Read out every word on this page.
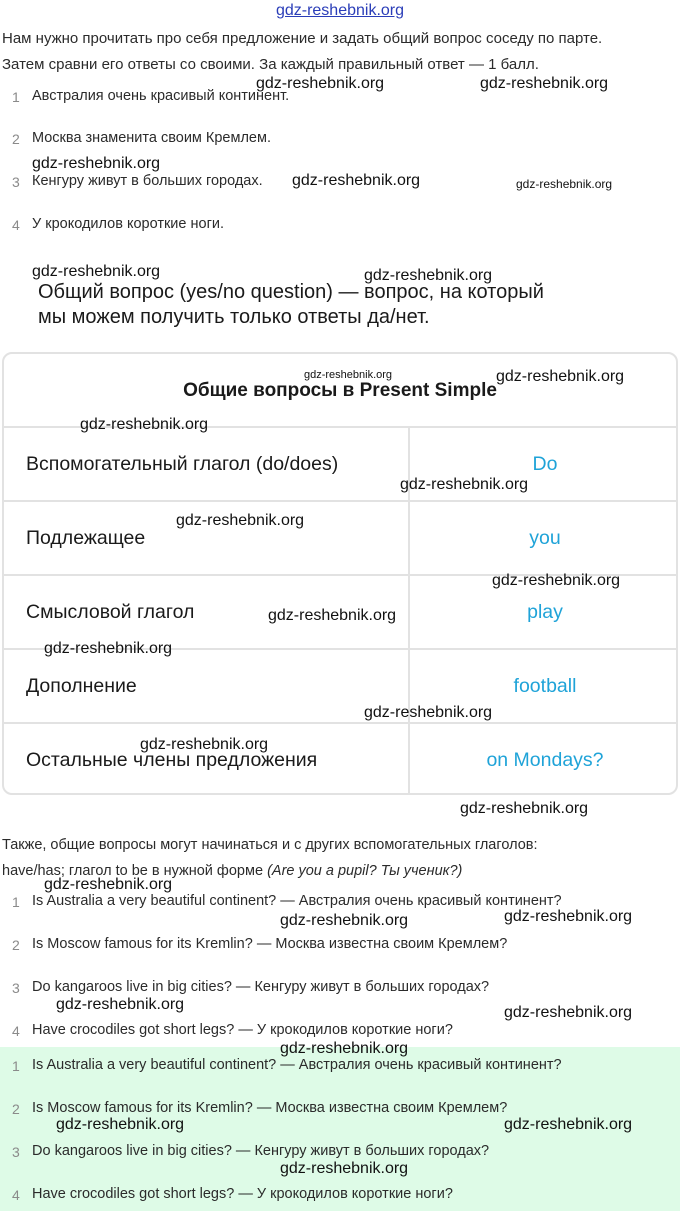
gdz-reshebnik.org
Нам нужно прочитать про себя предложение и задать общий вопрос соседу по парте.
Затем сравни его ответы со своими. За каждый правильный ответ — 1 балл.
1 Австралия очень красивый континент.
2 Москва знаменита своим Кремлем.
3 Кенгуру живут в больших городах.
4 У крокодилов короткие ноги.
Общий вопрос (yes/no question) — вопрос, на который
мы можем получить только ответы да/нет.
Общие вопросы в Present Simple
Вспомогательный глагол (do/does)	Do
Подлежащее	you
Смысловой глагол	play
Дополнение	football
Остальные члены предложения	on Mondays?
Также, общие вопросы могут начинаться и с других вспомогательных глаголов:
have/has; глагол to be в нужной форме (Are you a pupil? Ты ученик?)
1 Is Australia a very beautiful continent? — Австралия очень красивый континент?
2 Is Moscow famous for its Kremlin? — Москва известна своим Кремлем?
3 Do kangaroos live in big cities? — Кенгуру живут в больших городах?
4 Have crocodiles got short legs? — У крокодилов короткие ноги?
1 Is Australia a very beautiful continent? — Австралия очень красивый континент?
2 Is Moscow famous for its Kremlin? — Москва известна своим Кремлем?
3 Do kangaroos live in big cities? — Кенгуру живут в больших городах?
4 Have crocodiles got short legs? — У крокодилов короткие ноги?
gdz-reshebnik.org	gdz-reshebnik.org
gdz-reshebnik.org
gdz-reshebnik.org	gdz-reshebnik.org
gdz-reshebnik.org	gdz-reshebnik.org
gdz-reshebnik.org	gdz-reshebnik.org
gdz-reshebnik.org
gdz-reshebnik.org
gdz-reshebnik.org
gdz-reshebnik.org
gdz-reshebnik.org
gdz-reshebnik.org
gdz-reshebnik.org
gdz-reshebnik.org
gdz-reshebnik.org
gdz-reshebnik.org
gdz-reshebnik.org	gdz-reshebnik.org
gdz-reshebnik.org	gdz-reshebnik.org
gdz-reshebnik.org
gdz-reshebnik.org	gdz-reshebnik.org
gdz-reshebnik.org
